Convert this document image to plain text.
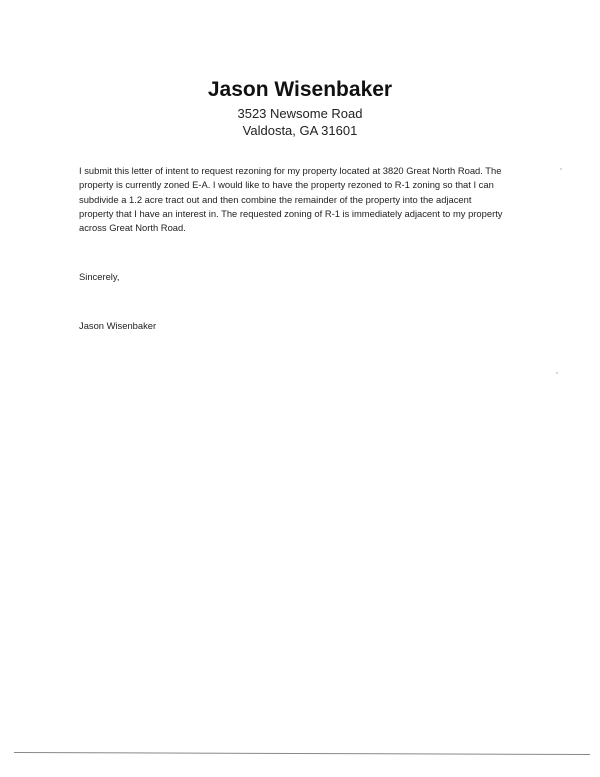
Jason Wisenbaker
3523 Newsome Road
Valdosta, GA 31601
I submit this letter of intent to request rezoning for my property located at 3820 Great North Road. The
property is currently zoned E-A. I would like to have the property rezoned to R-1 zoning so that I can
subdivide a 1.2 acre tract out and then combine the remainder of the property into the adjacent
property that I have an interest in. The requested zoning of R-1 is immediately adjacent to my property
across Great North Road.
Sincerely,
Jason Wisenbaker
